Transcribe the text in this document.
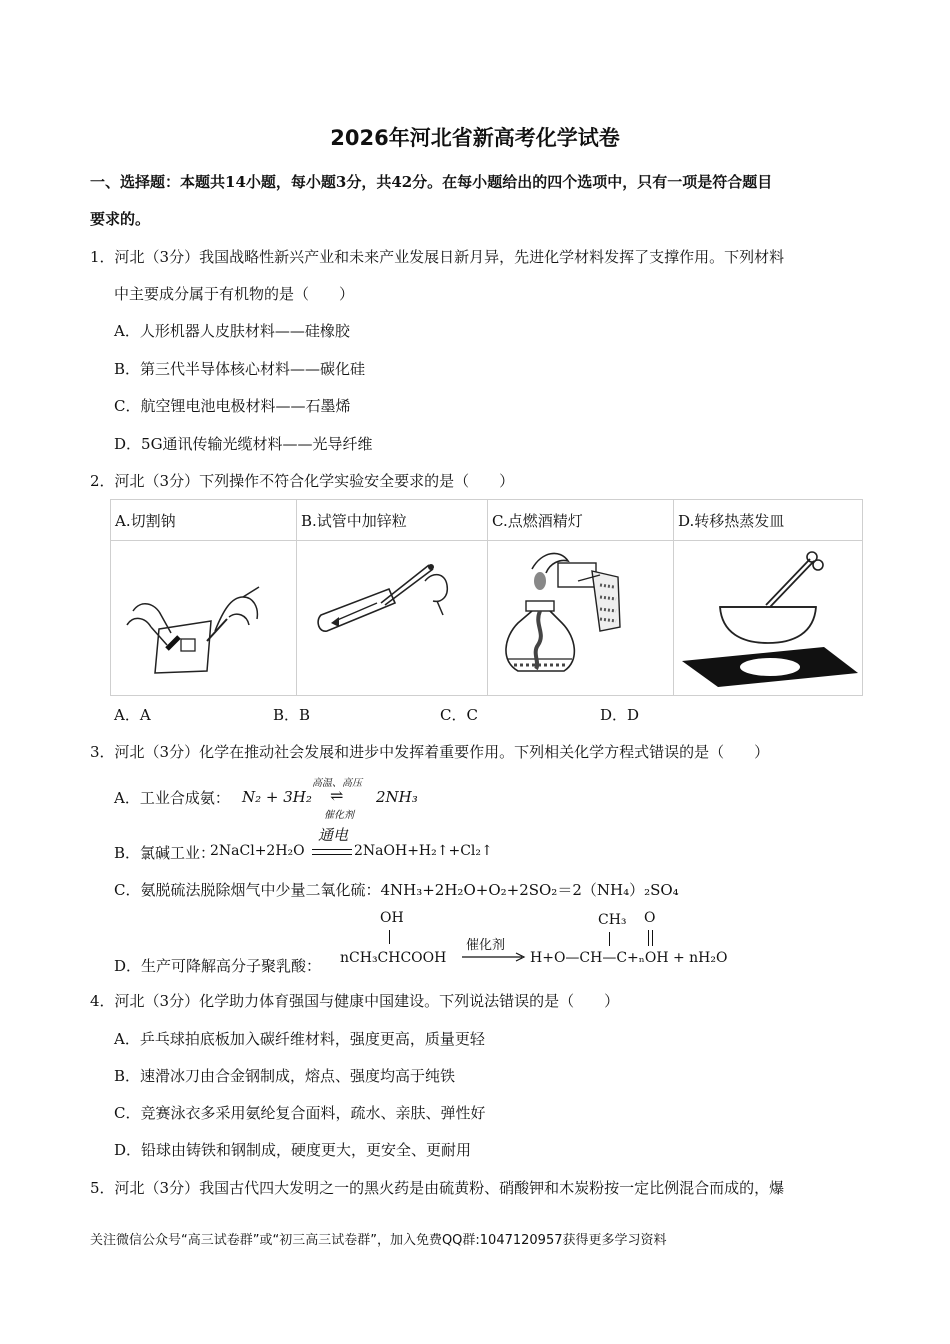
2026年河北省新高考化学试卷
一、选择题：本题共14小题，每小题3分，共42分。在每小题给出的四个选项中，只有一项是符合题目
要求的。
1．河北（3分）我国战略性新兴产业和未来产业发展日新月异，先进化学材料发挥了支撑作用。下列材料
中主要成分属于有机物的是（　　）
A．人形机器人皮肤材料——硅橡胶
B．第三代半导体核心材料——碳化硅
C．航空锂电池电极材料——石墨烯
D．5G通讯传输光缆材料——光导纤维
2．河北（3分）下列操作不符合化学实验安全要求的是（　　）
A.切割钠	B.试管中加锌粒	C.点燃酒精灯	D.转移热蒸发皿

A．A	B．B	C．C	D．D
3．河北（3分）化学在推动社会发展和进步中发挥着重要作用。下列相关化学方程式错误的是（　　）
A．工业合成氨： N₂ + 3H₂
高温、高压
⇌
催化剂
2NH₃
B．氯碱工业：
2NaCl+2H₂O
通电
2NaOH+H₂↑+Cl₂↑
C．氨脱硫法脱除烟气中少量二氧化硫：4NH₃+2H₂O+O₂+2SO₂＝2（NH₄）₂SO₄
D．生产可降解高分子聚乳酸：
OH
nCH₃CHCOOH
催化剂
CH₃ O
H+O—CH—C+ₙOH + nH₂O
4．河北（3分）化学助力体育强国与健康中国建设。下列说法错误的是（　　）
A．乒乓球拍底板加入碳纤维材料，强度更高，质量更轻
B．速滑冰刀由合金钢制成，熔点、强度均高于纯铁
C．竞赛泳衣多采用氨纶复合面料，疏水、亲肤、弹性好
D．铅球由铸铁和钢制成，硬度更大，更安全、更耐用
5．河北（3分）我国古代四大发明之一的黑火药是由硫黄粉、硝酸钾和木炭粉按一定比例混合而成的，爆
关注微信公众号“高三试卷群”或“初三高三试卷群”，加入免费QQ群:1047120957获得更多学习资料
